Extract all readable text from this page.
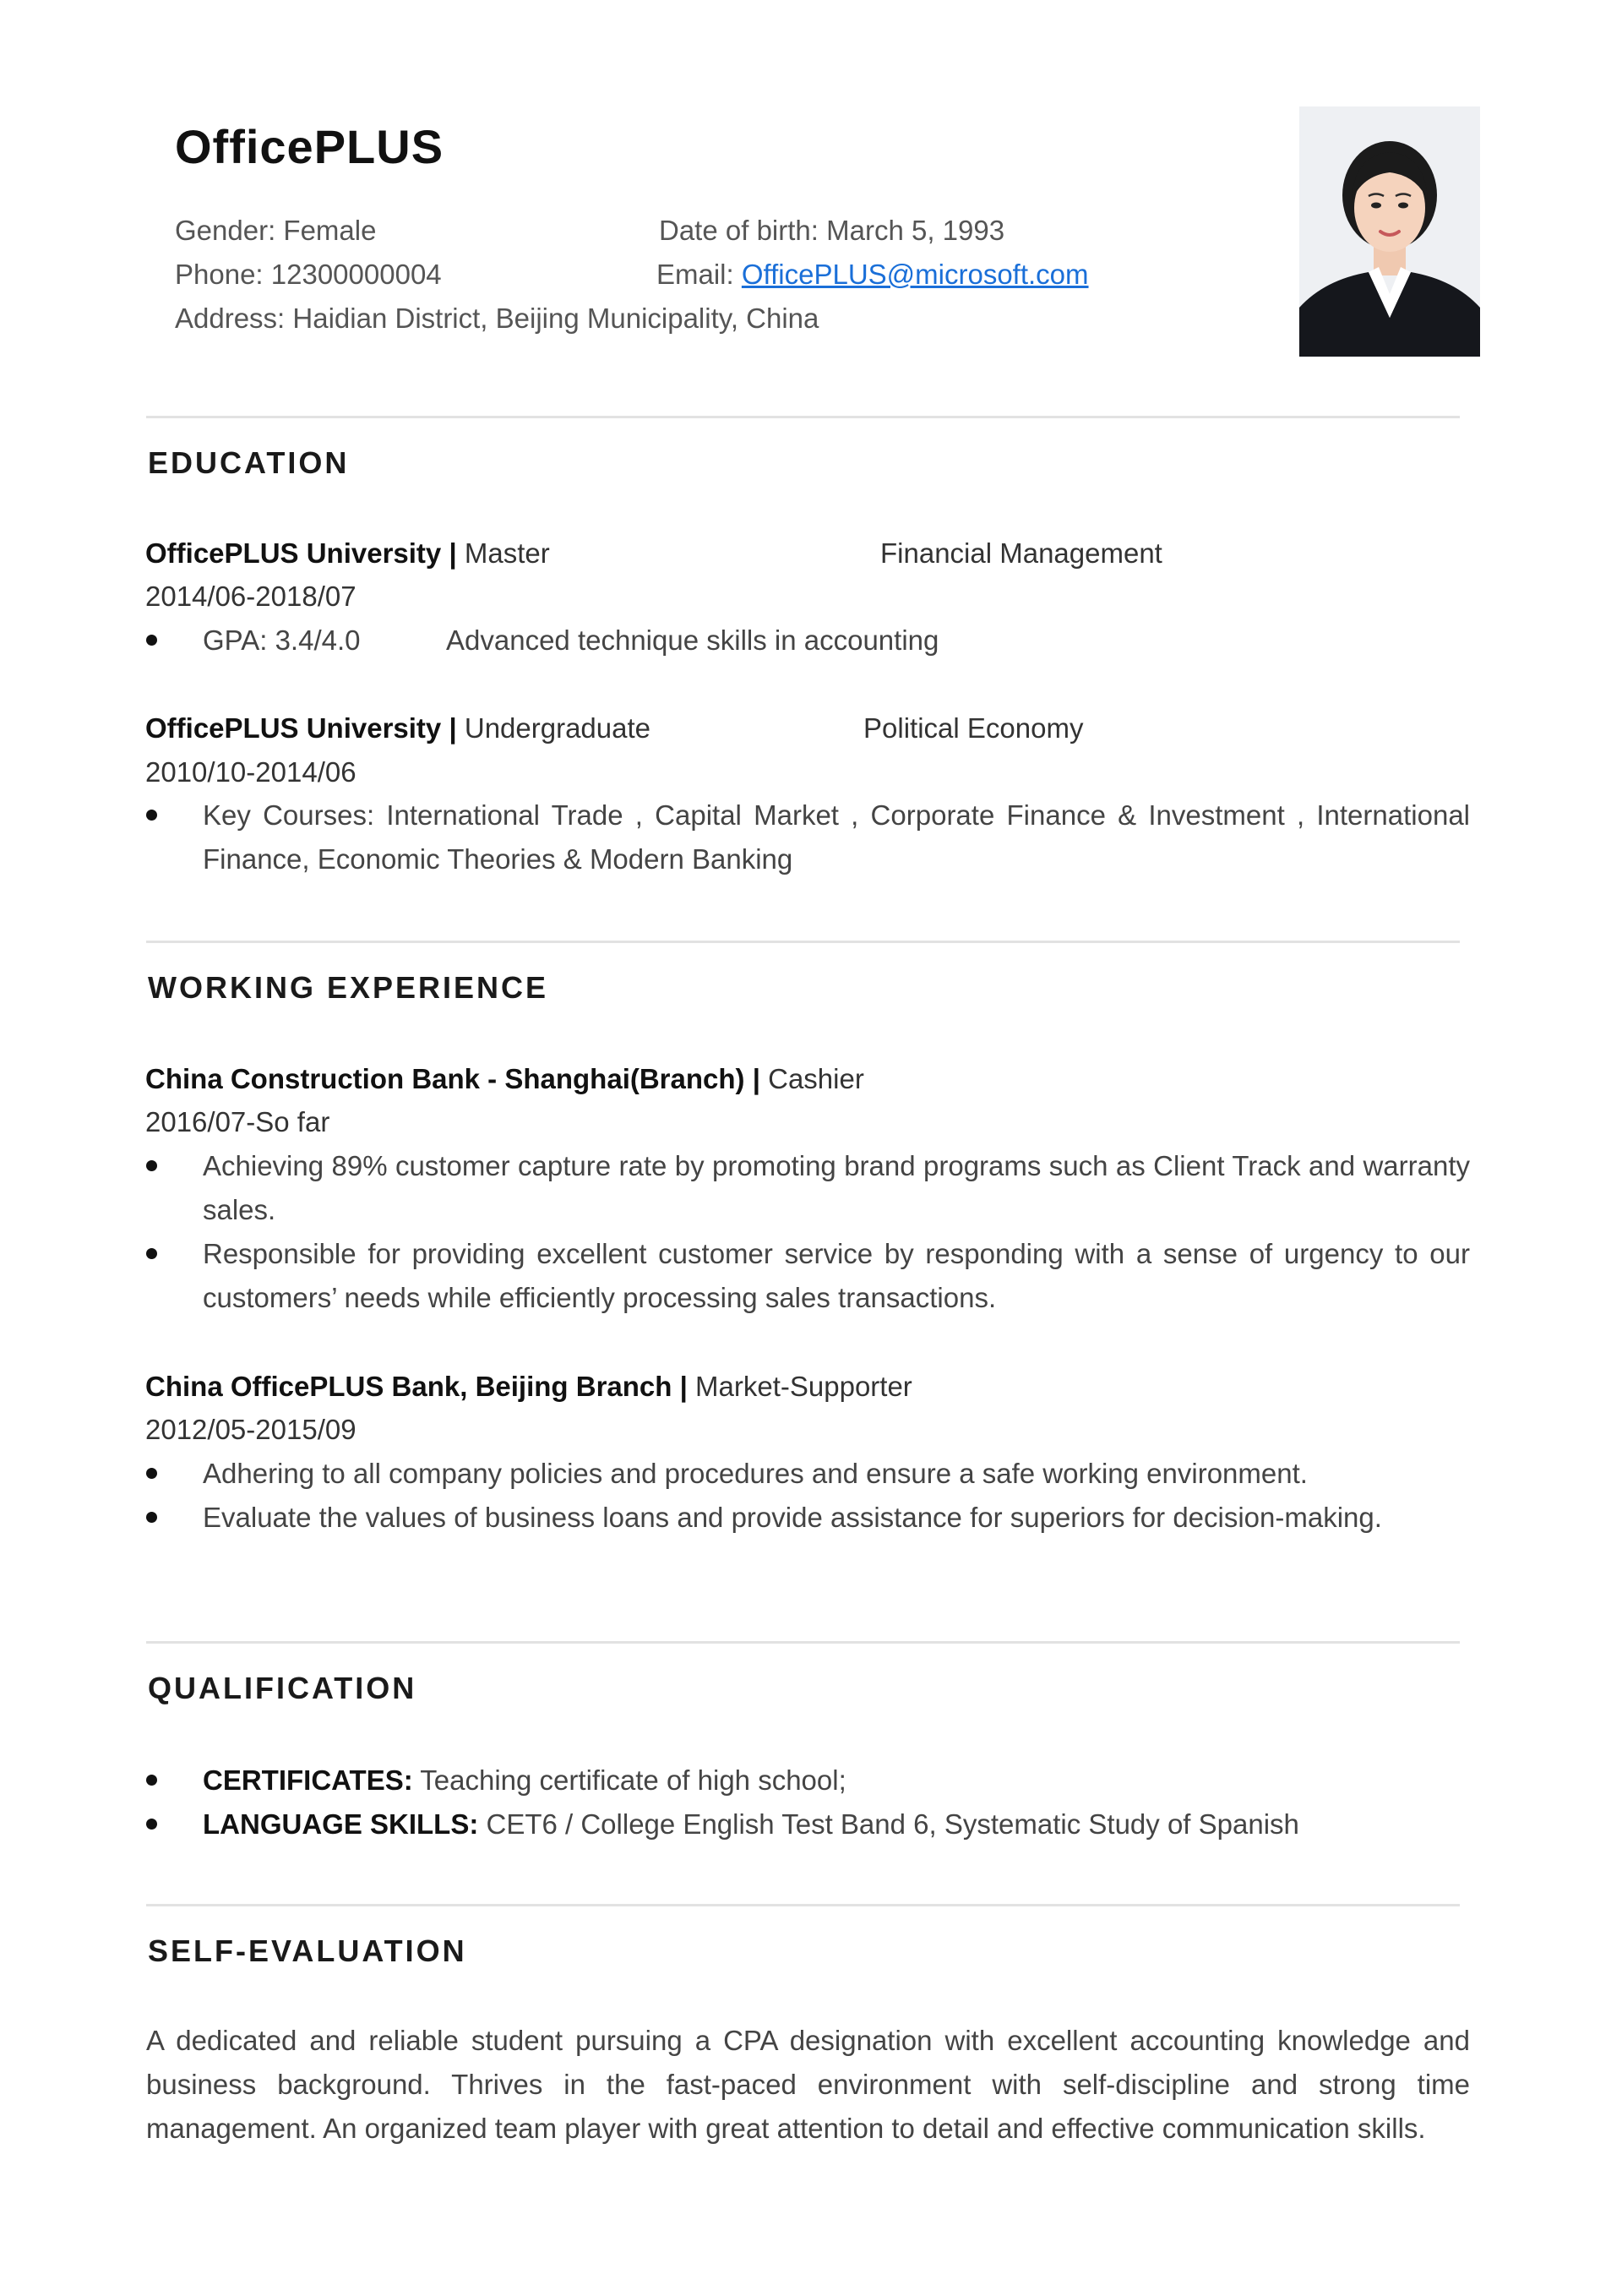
OfficePLUS
Gender: Female	Date of birth: March 5, 1993
Phone: 12300000004	Email: OfficePLUS@microsoft.com
Address: Haidian District, Beijing Municipality, China
EDUCATION
OfficePLUS University | Master	Financial Management
2014/06-2018/07
GPA: 3.4/4.0	Advanced technique skills in accounting
OfficePLUS University | Undergraduate	Political Economy
2010/10-2014/06
Key Courses: International Trade , Capital Market , Corporate Finance & Investment , International Finance, Economic Theories & Modern Banking
WORKING EXPERIENCE
China Construction Bank - Shanghai(Branch) | Cashier
2016/07-So far
Achieving 89% customer capture rate by promoting brand programs such as Client Track and warranty sales.
Responsible for providing excellent customer service by responding with a sense of urgency to our customers’ needs while efficiently processing sales transactions.
China OfficePLUS Bank, Beijing Branch | Market-Supporter
2012/05-2015/09
Adhering to all company policies and procedures and ensure a safe working environment.
Evaluate the values of business loans and provide assistance for superiors for decision-making.
QUALIFICATION
CERTIFICATES: Teaching certificate of high school;
LANGUAGE SKILLS: CET6 / College English Test Band 6, Systematic Study of Spanish
SELF-EVALUATION
A dedicated and reliable student pursuing a CPA designation with excellent accounting knowledge and business background. Thrives in the fast-paced environment with self-discipline and strong time management. An organized team player with great attention to detail and effective communication skills.
